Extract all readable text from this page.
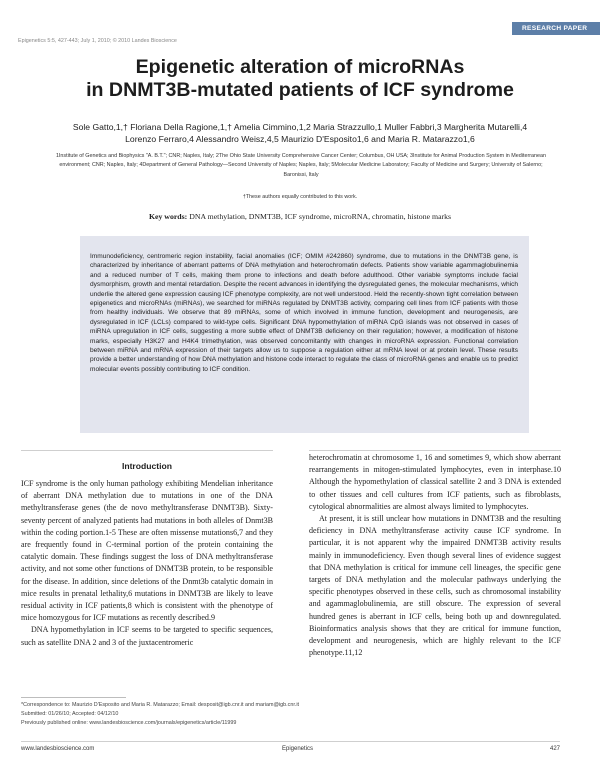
RESEARCH PAPER
Epigenetics 5:5, 427-443; July 1, 2010; © 2010 Landes Bioscience
Epigenetic alteration of microRNAs
in DNMT3B-mutated patients of ICF syndrome
Sole Gatto,1,† Floriana Della Ragione,1,† Amelia Cimmino,1,2 Maria Strazzullo,1 Muller Fabbri,3 Margherita Mutarelli,4
Lorenzo Ferraro,4 Alessandro Weisz,4,5 Maurizio D'Esposito1,6 and Maria R. Matarazzo1,6
1Institute of Genetics and Biophysics "A. B.T."; CNR; Naples, Italy; 2The Ohio State University Comprehensive Cancer Center; Columbus, OH USA; 3Institute for Animal Production System in Mediterranean environment; CNR; Naples, Italy; 4Department of General Pathology—Second University of Naples; Naples, Italy; 5Molecular Medicine Laboratory; Faculty of Medicine and Surgery; University of Salerno; Baronissi, Italy
†These authors equally contributed to this work.
Key words: DNA methylation, DNMT3B, ICF syndrome, microRNA, chromatin, histone marks
Immunodeficiency, centromeric region instability, facial anomalies (ICF; OMIM #242860) syndrome, due to mutations in the DNMT3B gene, is characterized by inheritance of aberrant patterns of DNA methylation and heterochromatin defects. Patients show variable agammaglobulinemia and a reduced number of T cells, making them prone to infections and death before adulthood. Other variable symptoms include facial dysmorphism, growth and mental retardation. Despite the recent advances in identifying the dysregulated genes, the molecular mechanisms, which underlie the altered gene expression causing ICF phenotype complexity, are not well understood. Held the recently-shown tight correlation between epigenetics and microRNAs (miRNAs), we searched for miRNAs regulated by DNMT3B activity, comparing cell lines from ICF patients with those from healthy individuals. We observe that 89 miRNAs, some of which involved in immune function, development and neurogenesis, are dysregulated in ICF (LCLs) compared to wild-type cells. Significant DNA hypomethylation of miRNA CpG islands was not observed in cases of miRNA upregulation in ICF cells, suggesting a more subtle effect of DNMT3B deficiency on their regulation; however, a modification of histone marks, especially H3K27 and H4K4 trimethylation, was observed concomitantly with changes in microRNA expression. Functional correlation between miRNA and mRNA expression of their targets allow us to suppose a regulation either at mRNA level or at protein level. These results provide a better understanding of how DNA methylation and histone code interact to regulate the class of microRNA genes and enable us to predict molecular events possibly contributing to ICF condition.
Introduction

ICF syndrome is the only human pathology exhibiting Mendelian inheritance of aberrant DNA methylation due to mutations in one of the DNA methyltransferase genes (the de novo methyltransferase DNMT3B). Sixty-seventy percent of analyzed patients had mutations in both alleles of Dnmt3B within the coding portion.1-5 These are often missense mutations6,7 and they are frequently found in C-terminal portion of the protein containing the catalytic domain. These findings suggest the loss of DNA methyltransferase activity, and not some other functions of DNMT3B protein, to be responsible for the disease. In addition, since deletions of the Dnmt3b catalytic domain in mice results in prenatal lethality,6 mutations in DNMT3B are likely to leave residual activity in ICF patients,8 which is consistent with the phenotype of mice homozygous for ICF mutations as recently described.9

DNA hypomethylation in ICF seems to be targeted to specific sequences, such as satellite DNA 2 and 3 of the juxtacentromeric

heterochromatin at chromosome 1, 16 and sometimes 9, which show aberrant rearrangements in mitogen-stimulated lymphocytes, even in interphase.10 Although the hypomethylation of classical satellite 2 and 3 DNA is extended to other tissues and cell cultures from ICF patients, such as fibroblasts, cytological abnormalities are almost always limited to lymphocytes.

At present, it is still unclear how mutations in DNMT3B and the resulting deficiency in DNA methyltransferase activity cause ICF syndrome. In particular, it is not apparent why the impaired DNMT3B activity results mainly in immunodeficiency. Even though several lines of evidence suggest that DNA methylation is critical for immune cell lineages, the specific gene targets of DNA methylation and the molecular pathways underlying the specific phenotypes observed in these cells, such as chromosomal instability and agammaglobulinemia, are still obscure. The expression of several hundred genes is aberrant in ICF cells, being both up and downregulated. Bioinformatics analysis shows that they are critical for immune function, development and neurogenesis, which are highly relevant to the ICF phenotype.11,12

*Correspondence to: Maurizio D'Esposito and Maria R. Matarazzo; Email: desposit@igb.cnr.it and mariam@igb.cnr.it
Submitted: 01/26/10; Accepted: 04/12/10
Previously published online: www.landesbioscience.com/journals/epigenetics/article/11999
www.landesbioscience.com	Epigenetics	427
